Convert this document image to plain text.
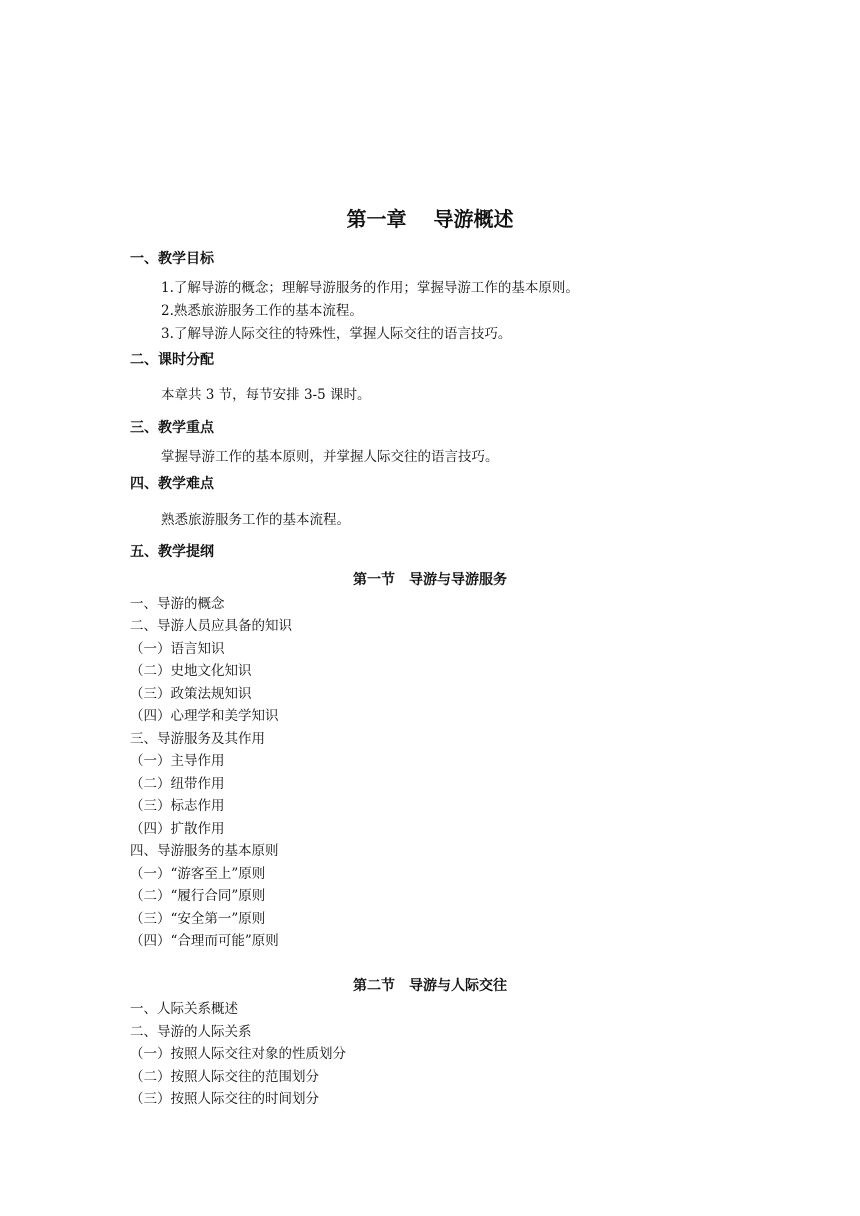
第一章　 导游概述
一、教学目标
1.了解导游的概念；理解导游服务的作用；掌握导游工作的基本原则。
2.熟悉旅游服务工作的基本流程。
3.了解导游人际交往的特殊性，掌握人际交往的语言技巧。
二、课时分配
本章共 3 节，每节安排 3-5 课时。
三、教学重点
掌握导游工作的基本原则，并掌握人际交往的语言技巧。
四、教学难点
熟悉旅游服务工作的基本流程。
五、教学提纲
第一节　导游与导游服务
一、导游的概念
二、导游人员应具备的知识
（一）语言知识
（二）史地文化知识
（三）政策法规知识
（四）心理学和美学知识
三、导游服务及其作用
（一）主导作用
（二）纽带作用
（三）标志作用
（四）扩散作用
四、导游服务的基本原则
（一）“游客至上”原则
（二）“履行合同”原则
（三）“安全第一”原则
（四）“合理而可能”原则
第二节　导游与人际交往
一、人际关系概述
二、导游的人际关系
（一）按照人际交往对象的性质划分
（二）按照人际交往的范围划分
（三）按照人际交往的时间划分
